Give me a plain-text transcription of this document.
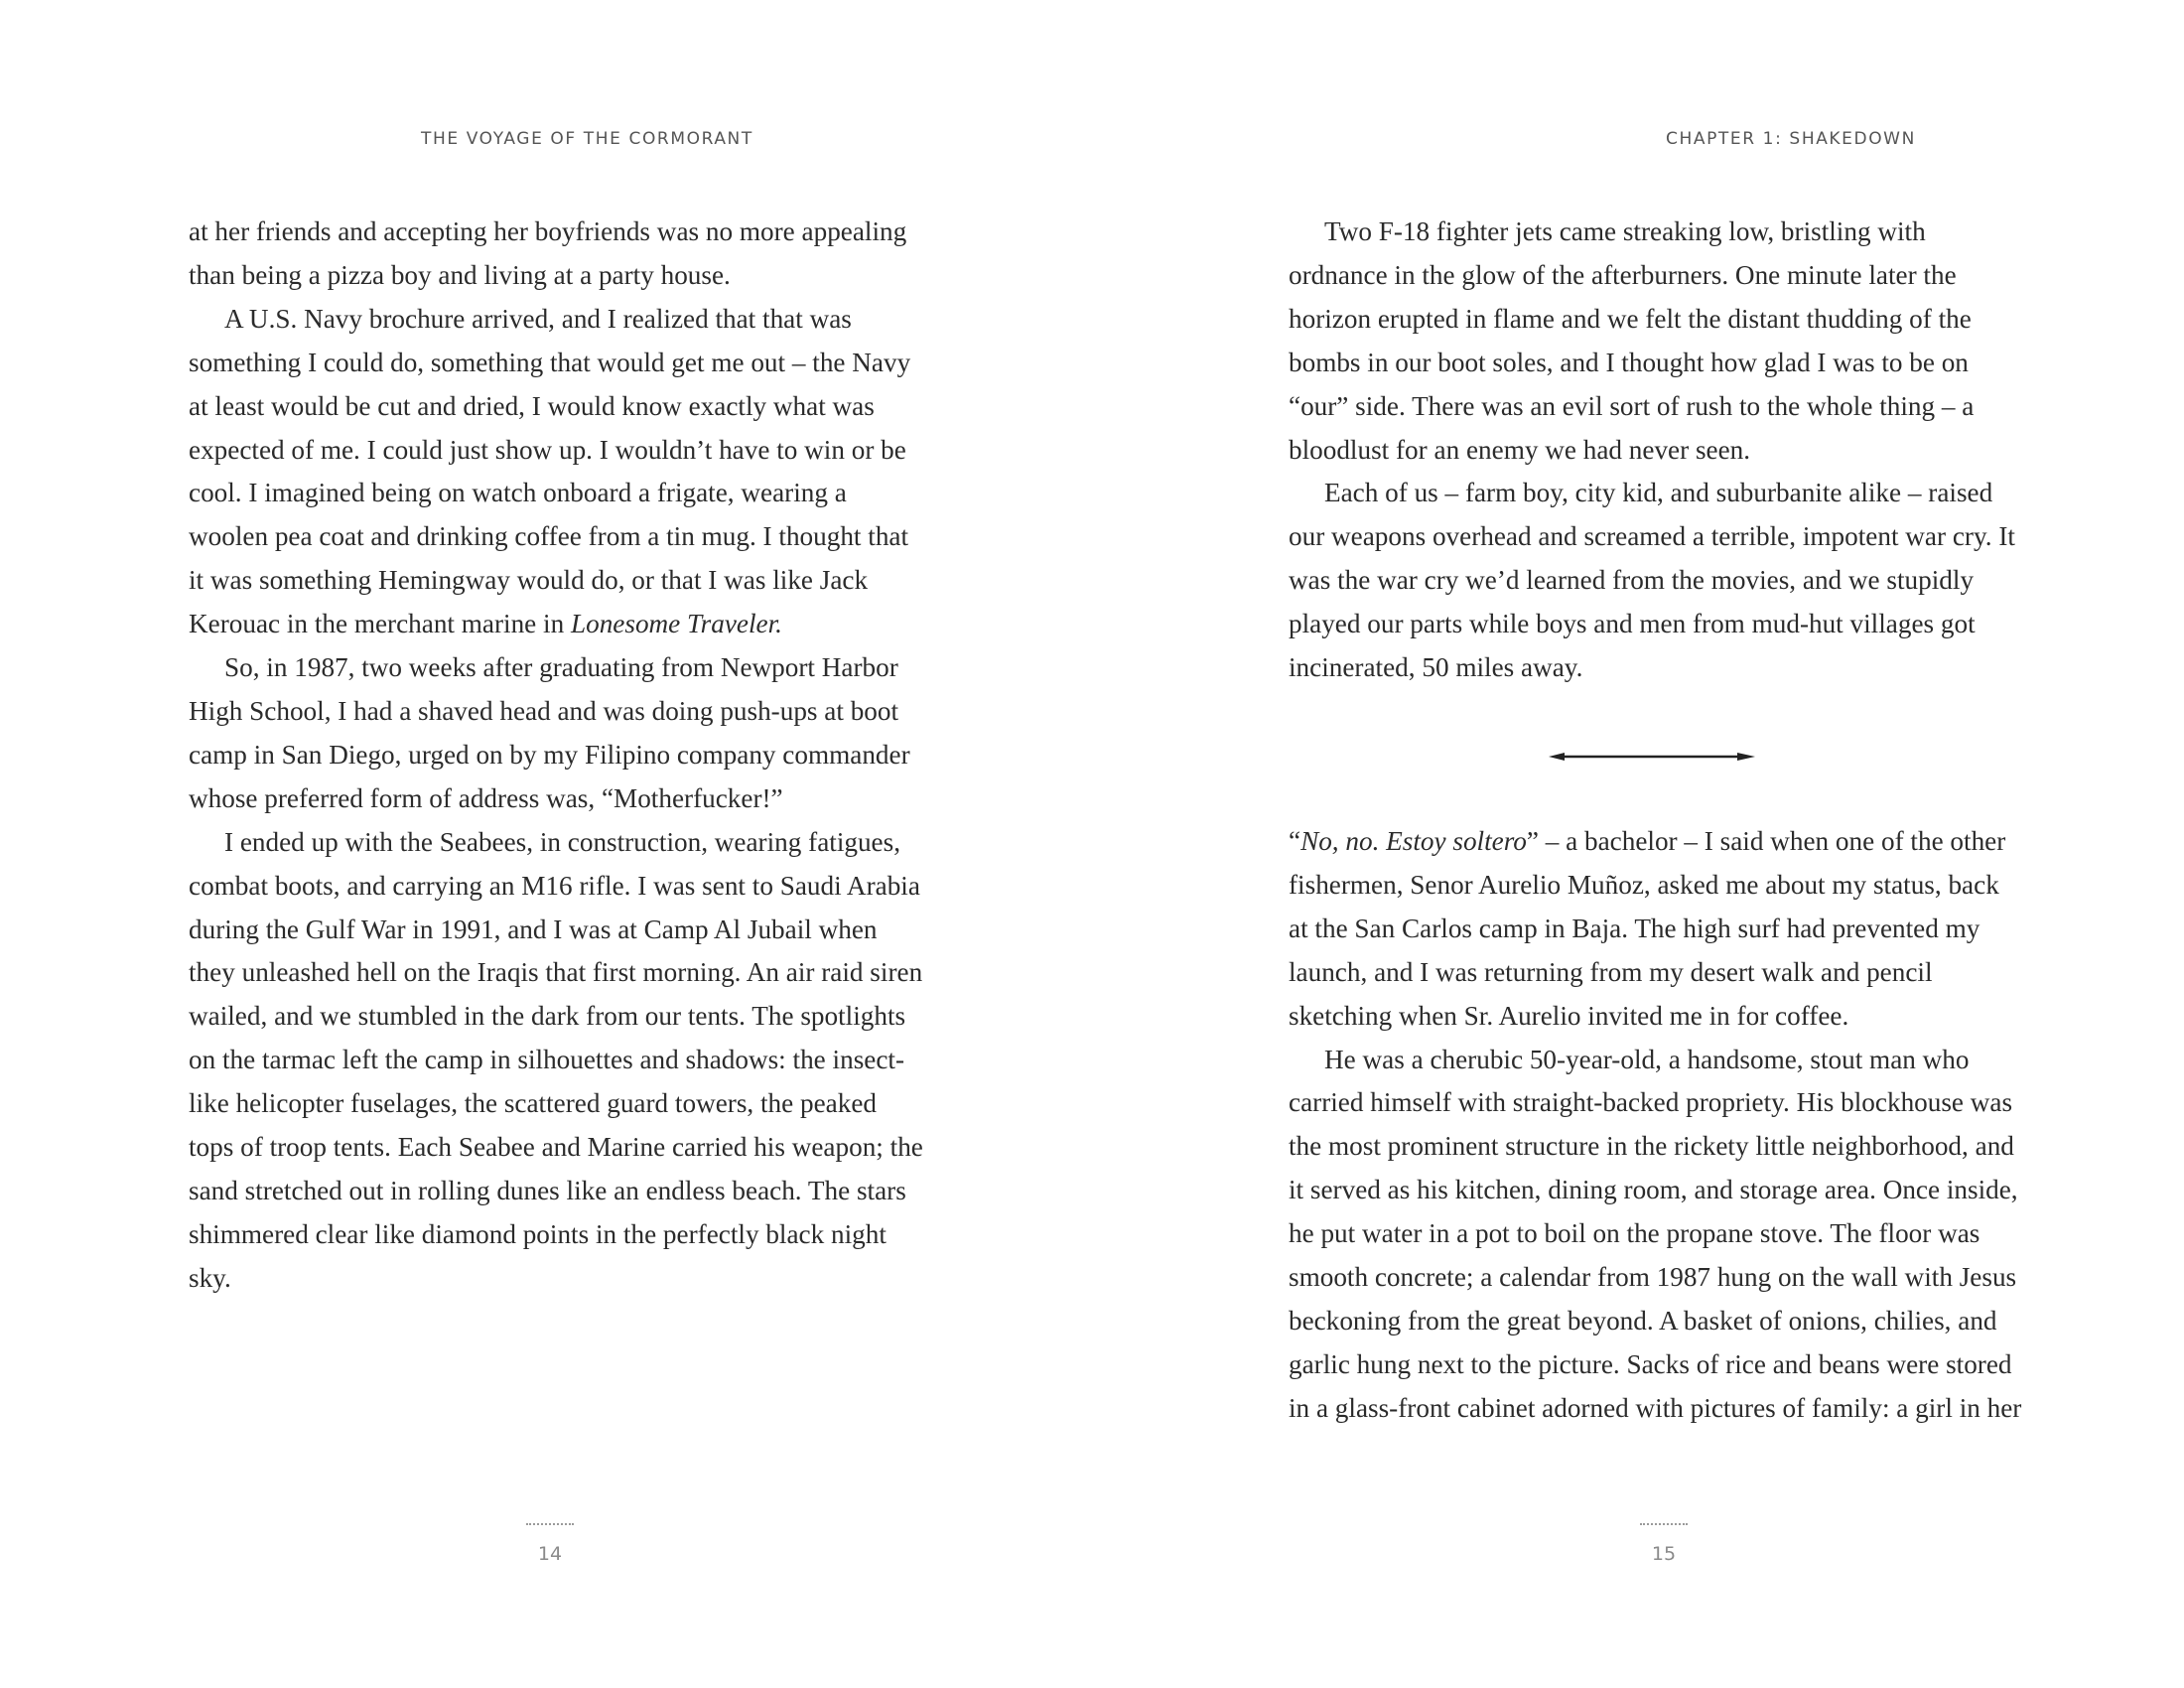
THE VOYAGE OF THE CORMORANT

at her friends and accepting her boyfriends was no more appealing than being a pizza boy and living at a party house.

A U.S. Navy brochure arrived, and I realized that that was something I could do, something that would get me out – the Navy at least would be cut and dried, I would know exactly what was expected of me. I could just show up. I wouldn’t have to win or be cool. I imagined being on watch onboard a frigate, wearing a woolen pea coat and drinking coffee from a tin mug. I thought that it was something Hemingway would do, or that I was like Jack Kerouac in the merchant marine in Lonesome Traveler.

So, in 1987, two weeks after graduating from Newport Harbor High School, I had a shaved head and was doing push-ups at boot camp in San Diego, urged on by my Filipino company commander whose preferred form of address was, “Motherfucker!”

I ended up with the Seabees, in construction, wearing fatigues, combat boots, and carrying an M16 rifle. I was sent to Saudi Arabia during the Gulf War in 1991, and I was at Camp Al Jubail when they unleashed hell on the Iraqis that first morning. An air raid siren wailed, and we stumbled in the dark from our tents. The spotlights on the tarmac left the camp in silhouettes and shadows: the insect-like helicopter fuselages, the scattered guard towers, the peaked tops of troop tents. Each Seabee and Marine carried his weapon; the sand stretched out in rolling dunes like an endless beach. The stars shimmered clear like diamond points in the perfectly black night sky.

14
CHAPTER 1: SHAKEDOWN

Two F-18 fighter jets came streaking low, bristling with ordnance in the glow of the afterburners. One minute later the horizon erupted in flame and we felt the distant thudding of the bombs in our boot soles, and I thought how glad I was to be on “our” side. There was an evil sort of rush to the whole thing – a bloodlust for an enemy we had never seen.

Each of us – farm boy, city kid, and suburbanite alike – raised our weapons overhead and screamed a terrible, impotent war cry. It was the war cry we’d learned from the movies, and we stupidly played our parts while boys and men from mud-hut villages got incinerated, 50 miles away.

“No, no. Estoy soltero” – a bachelor – I said when one of the other fishermen, Senor Aurelio Muñoz, asked me about my status, back at the San Carlos camp in Baja. The high surf had prevented my launch, and I was returning from my desert walk and pencil sketching when Sr. Aurelio invited me in for coffee.

He was a cherubic 50-year-old, a handsome, stout man who carried himself with straight-backed propriety. His blockhouse was the most prominent structure in the rickety little neighborhood, and it served as his kitchen, dining room, and storage area. Once inside, he put water in a pot to boil on the propane stove. The floor was smooth concrete; a calendar from 1987 hung on the wall with Jesus beckoning from the great beyond. A basket of onions, chilies, and garlic hung next to the picture. Sacks of rice and beans were stored in a glass-front cabinet adorned with pictures of family: a girl in her

15
